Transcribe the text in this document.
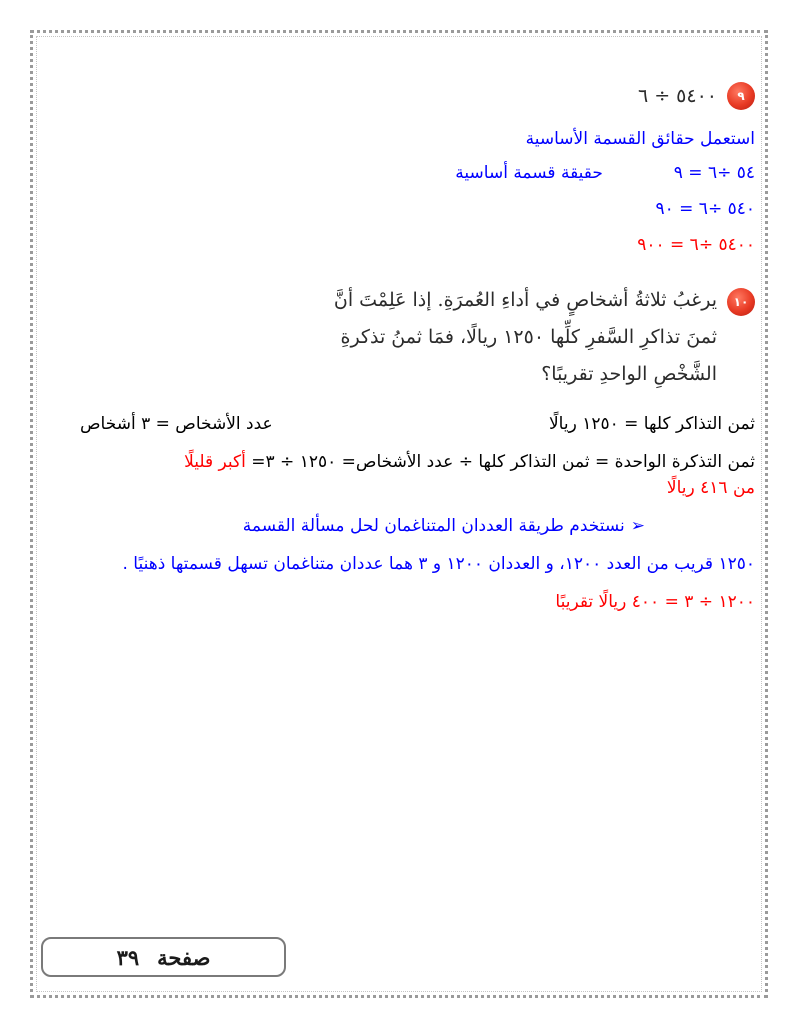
٩
٥٤٠٠ ÷ ٦

استعمل حقائق القسمة الأساسية

٥٤ ÷٦ = ٩  حقيقة قسمة أساسية

٥٤٠ ÷٦ = ٩٠

٥٤٠٠ ÷٦ = ٩٠٠

١٠
يرغبُ ثلاثةُ أشخاصٍ في أداءِ العُمرَةِ. إذا عَلِمْتَ أنَّ
ثمنَ تذاكرِ السَّفرِ كلِّها ١٢٥٠ ريالًا، فمَا ثمنُ تذكرةِ
الشَّخْصِ الواحدِ تقريبًا؟

ثمن التذاكر كلها = ١٢٥٠ ريالًا
عدد الأشخاص = ٣ أشخاص

ثمن التذكرة الواحدة = ثمن التذاكر كلها ÷ عدد الأشخاص= ١٢٥٠ ÷ ٣= أكبر قليلًا
من ٤١٦ ريالًا

➢نستخدم طريقة العددان المتناغمان لحل مسألة القسمة

١٢٥٠ قريب من العدد ١٢٠٠، و العددان ١٢٠٠ و ٣ هما عددان متناغمان تسهل قسمتها ذهنيًا .

١٢٠٠ ÷ ٣ = ٤٠٠ ريالًا تقريبًا

صفحة
٣٩
